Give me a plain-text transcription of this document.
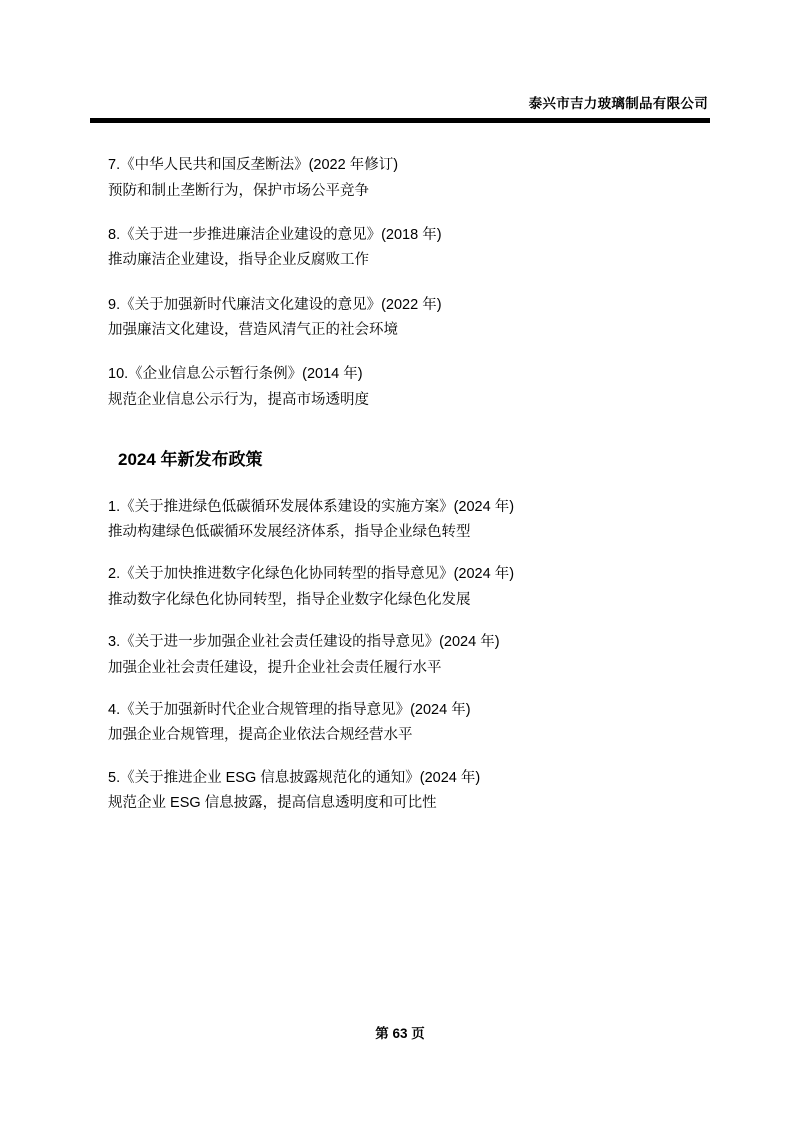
泰兴市吉力玻璃制品有限公司
7.《中华人民共和国反垄断法》(2022 年修订)
预防和制止垄断行为，保护市场公平竞争
8.《关于进一步推进廉洁企业建设的意见》(2018 年)
推动廉洁企业建设，指导企业反腐败工作
9.《关于加强新时代廉洁文化建设的意见》(2022 年)
加强廉洁文化建设，营造风清气正的社会环境
10.《企业信息公示暂行条例》(2014 年)
规范企业信息公示行为，提高市场透明度
2024 年新发布政策
1.《关于推进绿色低碳循环发展体系建设的实施方案》(2024 年)
推动构建绿色低碳循环发展经济体系，指导企业绿色转型
2.《关于加快推进数字化绿色化协同转型的指导意见》(2024 年)
推动数字化绿色化协同转型，指导企业数字化绿色化发展
3.《关于进一步加强企业社会责任建设的指导意见》(2024 年)
加强企业社会责任建设，提升企业社会责任履行水平
4.《关于加强新时代企业合规管理的指导意见》(2024 年)
加强企业合规管理，提高企业依法合规经营水平
5.《关于推进企业 ESG 信息披露规范化的通知》(2024 年)
规范企业 ESG 信息披露，提高信息透明度和可比性
第 63 页
